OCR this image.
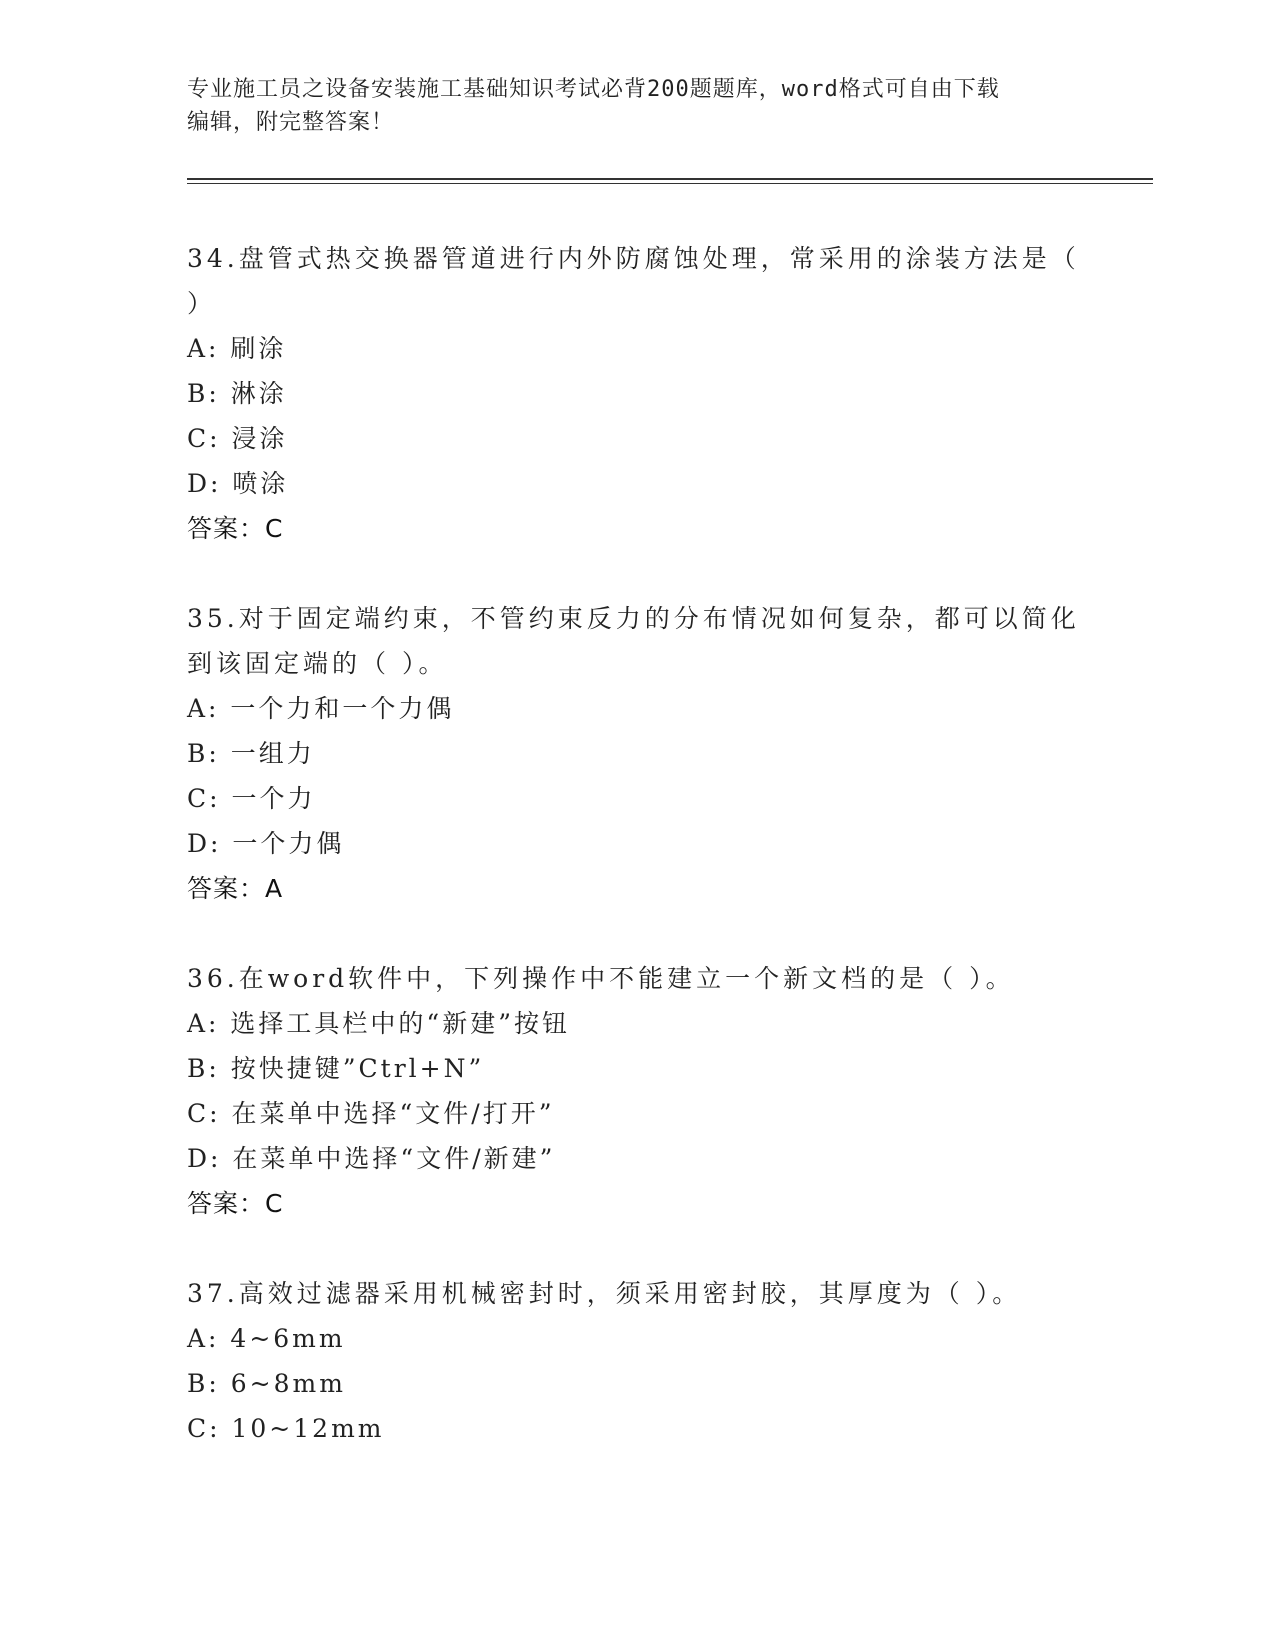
专业施工员之设备安装施工基础知识考试必背200题题库，word格式可自由下载
编辑，附完整答案！
34.盘管式热交换器管道进行内外防腐蚀处理，常采用的涂装方法是（ ）
A: 刷涂
B: 淋涂
C: 浸涂
D: 喷涂
答案：C
35.对于固定端约束，不管约束反力的分布情况如何复杂，都可以简化到该固定端的（ ）。
A: 一个力和一个力偶
B: 一组力
C: 一个力
D: 一个力偶
答案：A
36.在word软件中，下列操作中不能建立一个新文档的是（ ）。
A: 选择工具栏中的“新建”按钮
B: 按快捷键”Ctrl+N”
C: 在菜单中选择“文件/打开”
D: 在菜单中选择“文件/新建”
答案：C
37.高效过滤器采用机械密封时，须采用密封胶，其厚度为（ ）。
A: 4~6mm
B: 6~8mm
C: 10~12mm
